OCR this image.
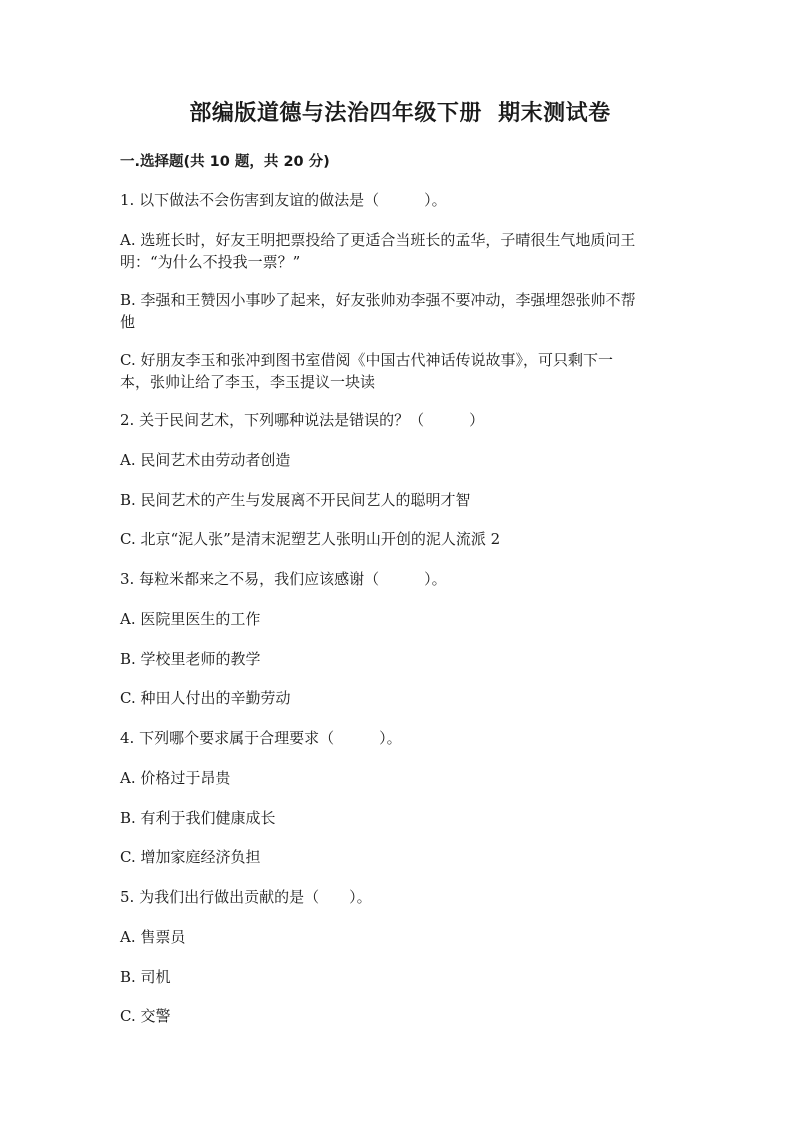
部编版道德与法治四年级下册  期末测试卷
一.选择题(共 10 题，共 20 分)
1. 以下做法不会伤害到友谊的做法是（　　　）。
A. 选班长时，好友王明把票投给了更适合当班长的孟华，子晴很生气地质问王
明：“为什么不投我一票？”
B. 李强和王赞因小事吵了起来，好友张帅劝李强不要冲动，李强埋怨张帅不帮
他
C. 好朋友李玉和张冲到图书室借阅《中国古代神话传说故事》，可只剩下一
本，张帅让给了李玉，李玉提议一块读
2. 关于民间艺术，下列哪种说法是错误的？（　　　）
A. 民间艺术由劳动者创造
B. 民间艺术的产生与发展离不开民间艺人的聪明才智
C. 北京“泥人张”是清末泥塑艺人张明山开创的泥人流派 2
3. 每粒米都来之不易，我们应该感谢（　　　）。
A. 医院里医生的工作
B. 学校里老师的教学
C. 种田人付出的辛勤劳动
4. 下列哪个要求属于合理要求（　　　）。
A. 价格过于昂贵
B. 有利于我们健康成长
C. 增加家庭经济负担
5. 为我们出行做出贡献的是（　　）。
A. 售票员
B. 司机
C. 交警
